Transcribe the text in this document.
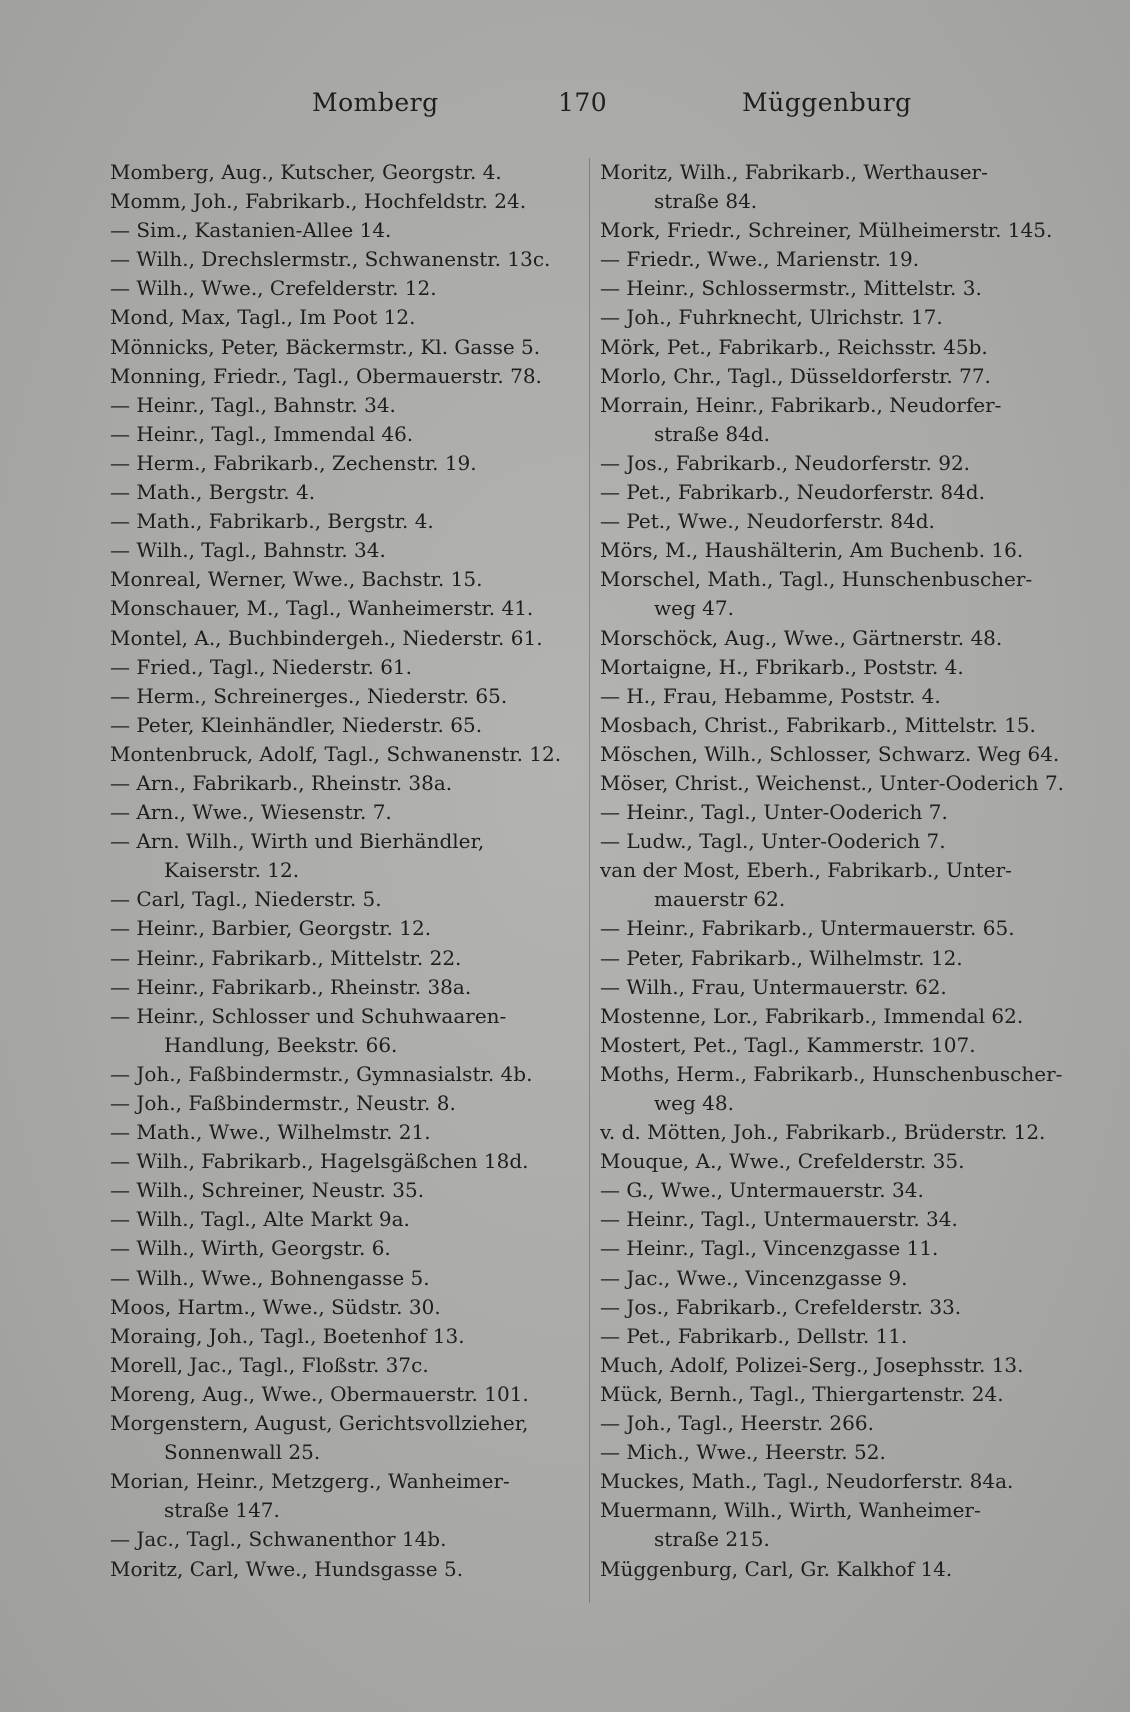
Momberg	170	Müggenburg
Momberg, Aug., Kutscher, Georgstr. 4.
Momm, Joh., Fabrikarb., Hochfeldstr. 24.
— Sim., Kastanien-Allee 14.
— Wilh., Drechslermstr., Schwanenstr. 13c.
— Wilh., Wwe., Crefelderstr. 12.
Mond, Max, Tagl., Im Poot 12.
Mönnicks, Peter, Bäckermstr., Kl. Gasse 5.
Monning, Friedr., Tagl., Obermauerstr. 78.
— Heinr., Tagl., Bahnstr. 34.
— Heinr., Tagl., Immendal 46.
— Herm., Fabrikarb., Zechenstr. 19.
— Math., Bergstr. 4.
— Math., Fabrikarb., Bergstr. 4.
— Wilh., Tagl., Bahnstr. 34.
Monreal, Werner, Wwe., Bachstr. 15.
Monschauer, M., Tagl., Wanheimerstr. 41.
Montel, A., Buchbindergeh., Niederstr. 61.
— Fried., Tagl., Niederstr. 61.
— Herm., Schreinerges., Niederstr. 65.
— Peter, Kleinhändler, Niederstr. 65.
Montenbruck, Adolf, Tagl., Schwanenstr. 12.
— Arn., Fabrikarb., Rheinstr. 38a.
— Arn., Wwe., Wiesenstr. 7.
— Arn. Wilh., Wirth und Bierhändler,
Kaiserstr. 12.
— Carl, Tagl., Niederstr. 5.
— Heinr., Barbier, Georgstr. 12.
— Heinr., Fabrikarb., Mittelstr. 22.
— Heinr., Fabrikarb., Rheinstr. 38a.
— Heinr., Schlosser und Schuhwaaren-
Handlung, Beekstr. 66.
— Joh., Faßbindermstr., Gymnasialstr. 4b.
— Joh., Faßbindermstr., Neustr. 8.
— Math., Wwe., Wilhelmstr. 21.
— Wilh., Fabrikarb., Hagelsgäßchen 18d.
— Wilh., Schreiner, Neustr. 35.
— Wilh., Tagl., Alte Markt 9a.
— Wilh., Wirth, Georgstr. 6.
— Wilh., Wwe., Bohnengasse 5.
Moos, Hartm., Wwe., Südstr. 30.
Moraing, Joh., Tagl., Boetenhof 13.
Morell, Jac., Tagl., Floßstr. 37c.
Moreng, Aug., Wwe., Obermauerstr. 101.
Morgenstern, August, Gerichtsvollzieher,
Sonnenwall 25.
Morian, Heinr., Metzgerg., Wanheimer-
straße 147.
— Jac., Tagl., Schwanenthor 14b.
Moritz, Carl, Wwe., Hundsgasse 5.
Moritz, Wilh., Fabrikarb., Werthauser-
straße 84.
Mork, Friedr., Schreiner, Mülheimerstr. 145.
— Friedr., Wwe., Marienstr. 19.
— Heinr., Schlossermstr., Mittelstr. 3.
— Joh., Fuhrknecht, Ulrichstr. 17.
Mörk, Pet., Fabrikarb., Reichsstr. 45b.
Morlo, Chr., Tagl., Düsseldorferstr. 77.
Morrain, Heinr., Fabrikarb., Neudorfer-
straße 84d.
— Jos., Fabrikarb., Neudorferstr. 92.
— Pet., Fabrikarb., Neudorferstr. 84d.
— Pet., Wwe., Neudorferstr. 84d.
Mörs, M., Haushälterin, Am Buchenb. 16.
Morschel, Math., Tagl., Hunschenbuscher-
weg 47.
Morschöck, Aug., Wwe., Gärtnerstr. 48.
Mortaigne, H., Fbrikarb., Poststr. 4.
— H., Frau, Hebamme, Poststr. 4.
Mosbach, Christ., Fabrikarb., Mittelstr. 15.
Möschen, Wilh., Schlosser, Schwarz. Weg 64.
Möser, Christ., Weichenst., Unter-Ooderich 7.
— Heinr., Tagl., Unter-Ooderich 7.
— Ludw., Tagl., Unter-Ooderich 7.
van der Most, Eberh., Fabrikarb., Unter-
mauerstr 62.
— Heinr., Fabrikarb., Untermauerstr. 65.
— Peter, Fabrikarb., Wilhelmstr. 12.
— Wilh., Frau, Untermauerstr. 62.
Mostenne, Lor., Fabrikarb., Immendal 62.
Mostert, Pet., Tagl., Kammerstr. 107.
Moths, Herm., Fabrikarb., Hunschenbuscher-
weg 48.
v. d. Mötten, Joh., Fabrikarb., Brüderstr. 12.
Mouque, A., Wwe., Crefelderstr. 35.
— G., Wwe., Untermauerstr. 34.
— Heinr., Tagl., Untermauerstr. 34.
— Heinr., Tagl., Vincenzgasse 11.
— Jac., Wwe., Vincenzgasse 9.
— Jos., Fabrikarb., Crefelderstr. 33.
— Pet., Fabrikarb., Dellstr. 11.
Much, Adolf, Polizei-Serg., Josephsstr. 13.
Mück, Bernh., Tagl., Thiergartenstr. 24.
— Joh., Tagl., Heerstr. 266.
— Mich., Wwe., Heerstr. 52.
Muckes, Math., Tagl., Neudorferstr. 84a.
Muermann, Wilh., Wirth, Wanheimer-
straße 215.
Müggenburg, Carl, Gr. Kalkhof 14.
